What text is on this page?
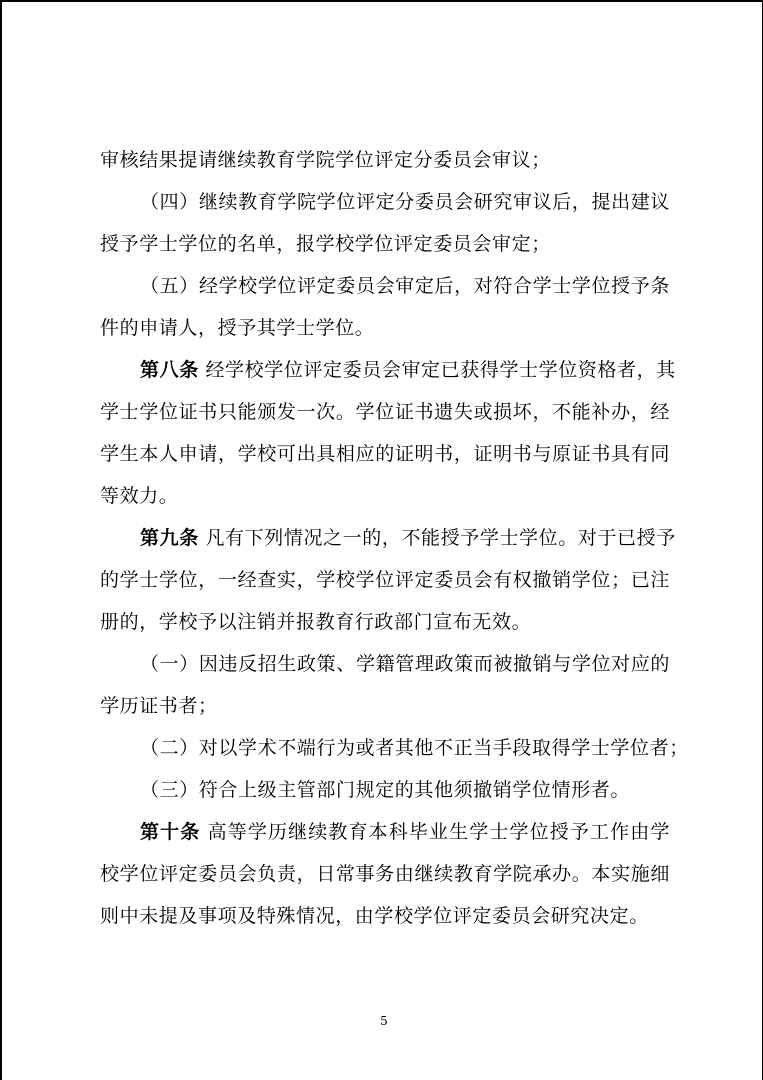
审核结果提请继续教育学院学位评定分委员会审议；
（四）继续教育学院学位评定分委员会研究审议后，提出建议
授予学士学位的名单，报学校学位评定委员会审定；
（五）经学校学位评定委员会审定后，对符合学士学位授予条
件的申请人，授予其学士学位。
第八条 经学校学位评定委员会审定已获得学士学位资格者，其
学士学位证书只能颁发一次。学位证书遗失或损坏，不能补办，经
学生本人申请，学校可出具相应的证明书，证明书与原证书具有同
等效力。
第九条 凡有下列情况之一的，不能授予学士学位。对于已授予
的学士学位，一经查实，学校学位评定委员会有权撤销学位；已注
册的，学校予以注销并报教育行政部门宣布无效。
（一）因违反招生政策、学籍管理政策而被撤销与学位对应的
学历证书者；
（二）对以学术不端行为或者其他不正当手段取得学士学位者；
（三）符合上级主管部门规定的其他须撤销学位情形者。
第十条 高等学历继续教育本科毕业生学士学位授予工作由学
校学位评定委员会负责，日常事务由继续教育学院承办。本实施细
则中未提及事项及特殊情况，由学校学位评定委员会研究决定。
5
